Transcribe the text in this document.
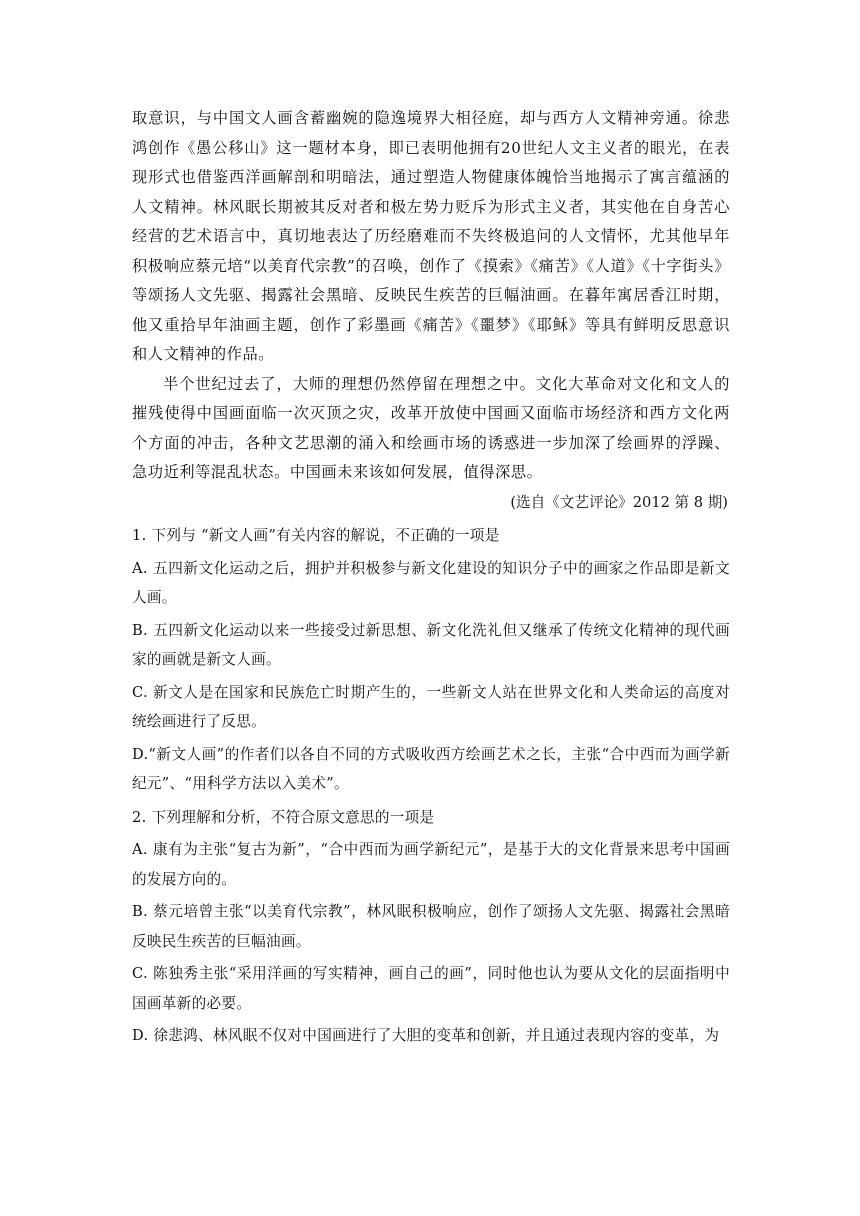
取意识，与中国文人画含蓄幽婉的隐逸境界大相径庭，却与西方人文精神旁通。徐悲鸿创作《愚公移山》这一题材本身，即已表明他拥有20世纪人文主义者的眼光，在表现形式也借鉴西洋画解剖和明暗法，通过塑造人物健康体魄恰当地揭示了寓言蕴涵的人文精神。林风眠长期被其反对者和极左势力贬斥为形式主义者，其实他在自身苦心经营的艺术语言中，真切地表达了历经磨难而不失终极追问的人文情怀，尤其他早年积极响应蔡元培“以美育代宗教”的召唤，创作了《摸索》《痛苦》《人道》《十字街头》等颂扬人文先驱、揭露社会黑暗、反映民生疾苦的巨幅油画。在暮年寓居香江时期，他又重拾早年油画主题，创作了彩墨画《痛苦》《噩梦》《耶稣》等具有鲜明反思意识和人文精神的作品。

半个世纪过去了，大师的理想仍然停留在理想之中。文化大革命对文化和文人的摧残使得中国画面临一次灭顶之灾，改革开放使中国画又面临市场经济和西方文化两个方面的冲击，各种文艺思潮的涌入和绘画市场的诱惑进一步加深了绘画界的浮躁、急功近利等混乱状态。中国画未来该如何发展，值得深思。

(选自《文艺评论》2012 第 8 期)

1. 下列与 “新文人画”有关内容的解说，不正确的一项是

A. 五四新文化运动之后，拥护并积极参与新文化建设的知识分子中的画家之作品即是新文人画。

B. 五四新文化运动以来一些接受过新思想、新文化洗礼但又继承了传统文化精神的现代画家的画就是新文人画。

C. 新文人是在国家和民族危亡时期产生的，一些新文人站在世界文化和人类命运的高度对统绘画进行了反思。

D.“新文人画”的作者们以各自不同的方式吸收西方绘画艺术之长，主张“合中西而为画学新纪元”、“用科学方法以入美术”。

2. 下列理解和分析，不符合原文意思的一项是

A. 康有为主张“复古为新”，“合中西而为画学新纪元”，是基于大的文化背景来思考中国画的发展方向的。

B. 蔡元培曾主张“以美育代宗教”，林风眠积极响应，创作了颂扬人文先驱、揭露社会黑暗反映民生疾苦的巨幅油画。

C. 陈独秀主张“采用洋画的写实精神，画自己的画”，同时他也认为要从文化的层面指明中国画革新的必要。

D. 徐悲鸿、林风眠不仅对中国画进行了大胆的变革和创新，并且通过表现内容的变革，为
